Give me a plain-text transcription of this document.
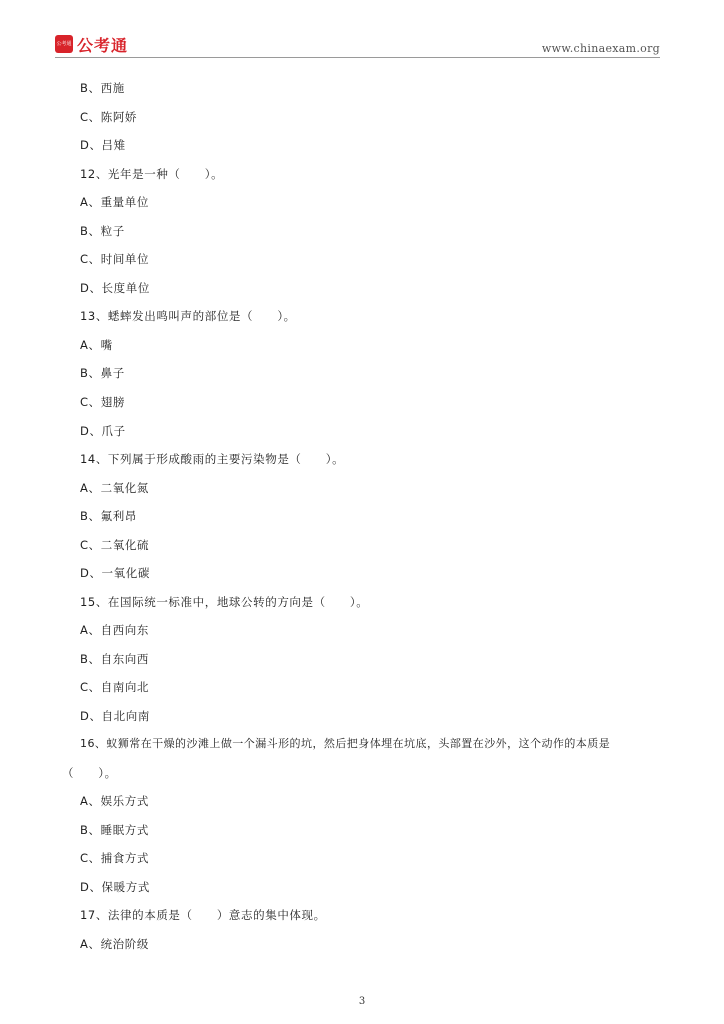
公考通 公考通	www.chinaexam.org
B、西施
C、陈阿娇
D、吕雉
12、光年是一种（　　）。
A、重量单位
B、粒子
C、时间单位
D、长度单位
13、蟋蟀发出鸣叫声的部位是（　　）。
A、嘴
B、鼻子
C、翅膀
D、爪子
14、下列属于形成酸雨的主要污染物是（　　）。
A、二氧化氮
B、氟利昂
C、二氧化硫
D、一氧化碳
15、在国际统一标准中，地球公转的方向是（　　）。
A、自西向东
B、自东向西
C、自南向北
D、自北向南
16、蚁狮常在干燥的沙滩上做一个漏斗形的坑，然后把身体埋在坑底，头部置在沙外，这个动作的本质是
（　　）。
A、娱乐方式
B、睡眠方式
C、捕食方式
D、保暖方式
17、法律的本质是（　　）意志的集中体现。
A、统治阶级
3
